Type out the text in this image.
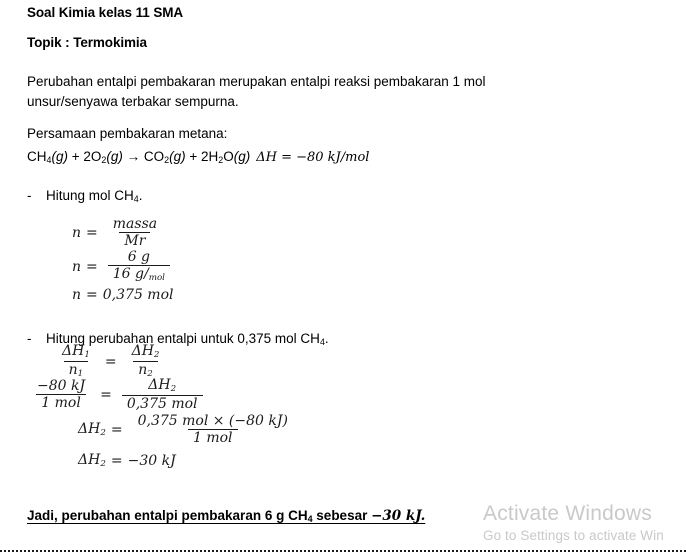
Soal Kimia kelas 11 SMA
Topik : Termokimia
Perubahan entalpi pembakaran merupakan entalpi reaksi pembakaran 1 mol
unsur/senyawa terbakar sempurna.
Persamaan pembakaran metana:
$CH_4(g) + 2O_2(g) \to CO_2(g) + 2H_2O(g) \Delta H = -80$ kJ/mol
- Hitung mol $CH_4$.
$n = \frac{\text{massa}}{Mr}$
$n = \frac{6 g}{\text{16 g/mol}}$
n = 0,375 mol
- Hitung perubahan entalpi untuk 0,375 mol $CH_4$.
$\frac{\Delta H1}{n1} = \frac{\Delta H2}{n2}$
$\frac{-80 kJ}{\text{1 mol}} = \frac{\Delta H2}{\text{0,375 mol}}$
$\Delta H2 = \frac{\text{0,375 mol × (−80 kJ)}}{\text{1 mol}}$
ΔH2 = −30 kJ
Jadi, perubahan entalpi pembakaran 6 g $CH_4$ sebesar −30 kJ.	Activate Windows
Go to Settings to activate Win
